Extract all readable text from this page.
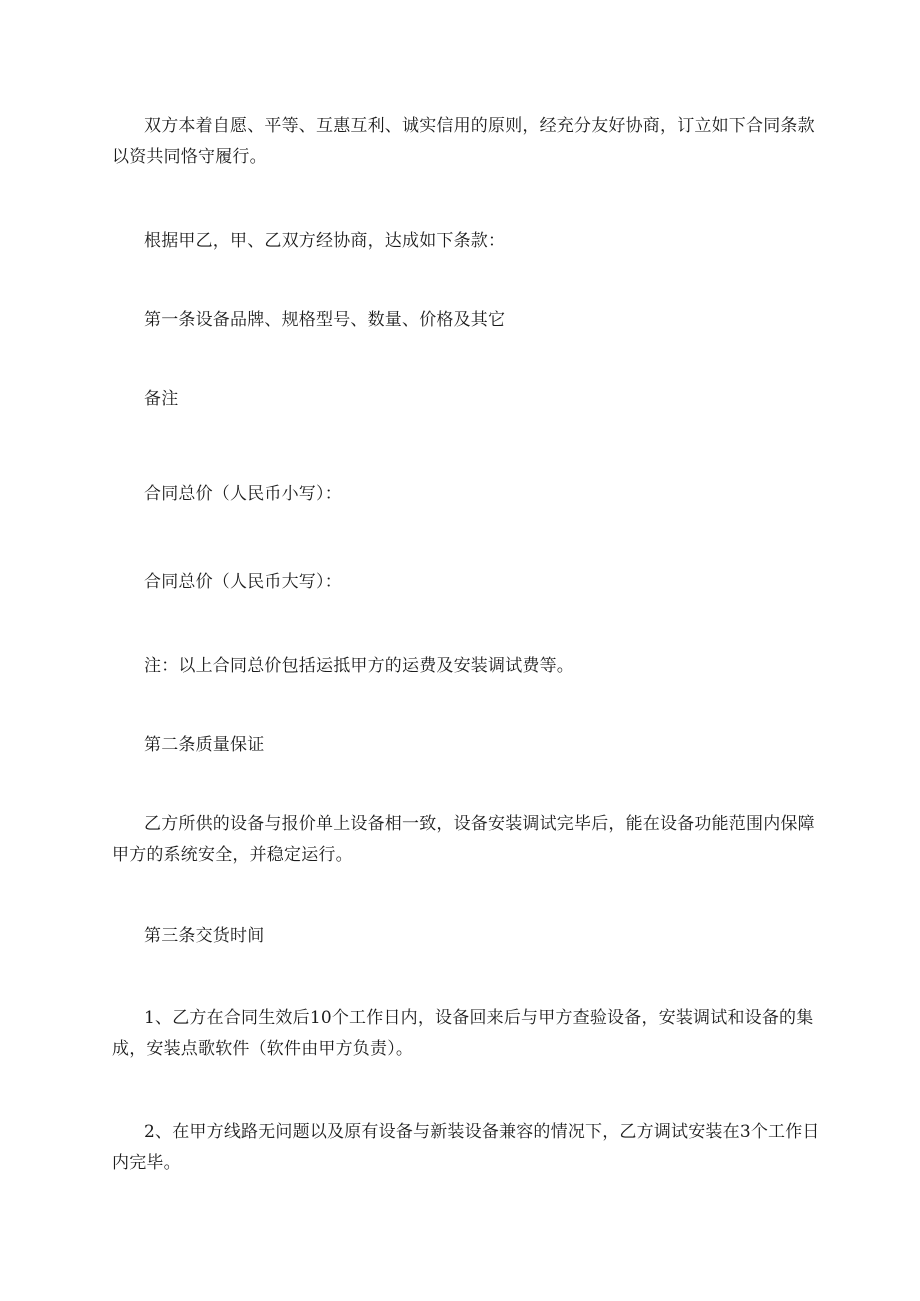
双方本着自愿、平等、互惠互利、诚实信用的原则，经充分友好协商，订立如下合同条款以资共同恪守履行。

根据甲乙，甲、乙双方经协商，达成如下条款：

第一条设备品牌、规格型号、数量、价格及其它

备注

合同总价（人民币小写）：

合同总价（人民币大写）：

注：以上合同总价包括运抵甲方的运费及安装调试费等。

第二条质量保证

乙方所供的设备与报价单上设备相一致，设备安装调试完毕后，能在设备功能范围内保障甲方的系统安全，并稳定运行。

第三条交货时间

1、乙方在合同生效后10个工作日内，设备回来后与甲方查验设备，安装调试和设备的集成，安装点歌软件（软件由甲方负责）。

2、在甲方线路无问题以及原有设备与新装设备兼容的情况下，乙方调试安装在3个工作日内完毕。
